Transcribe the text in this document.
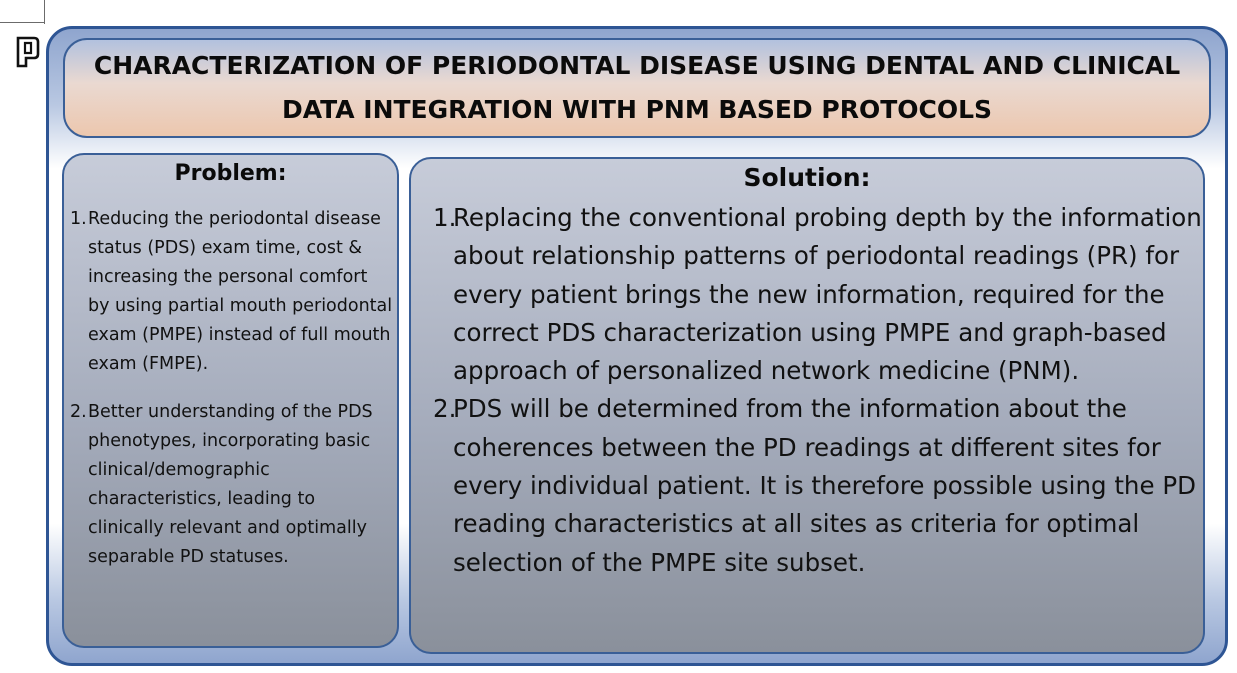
CHARACTERIZATION OF PERIODONTAL DISEASE USING DENTAL AND CLINICAL DATA INTEGRATION WITH PNM BASED PROTOCOLS
Problem:
1. Reducing the periodontal disease status (PDS) exam time, cost & increasing the personal comfort by using partial mouth periodontal exam (PMPE) instead of full mouth exam (FMPE).
2. Better understanding of the PDS phenotypes, incorporating basic clinical/demographic characteristics, leading to clinically relevant and optimally separable PD statuses.
Solution:
1.
Replacing the conventional probing depth by the information about relationship patterns of periodontal readings (PR) for every patient brings the new information, required for the correct PDS characterization using PMPE and graph-based approach of personalized network medicine (PNM).
2.
PDS will be determined from the information about the coherences between the PD readings at different sites for every individual patient. It is therefore possible using the PD reading characteristics at all sites as criteria for optimal selection of the PMPE site subset.
